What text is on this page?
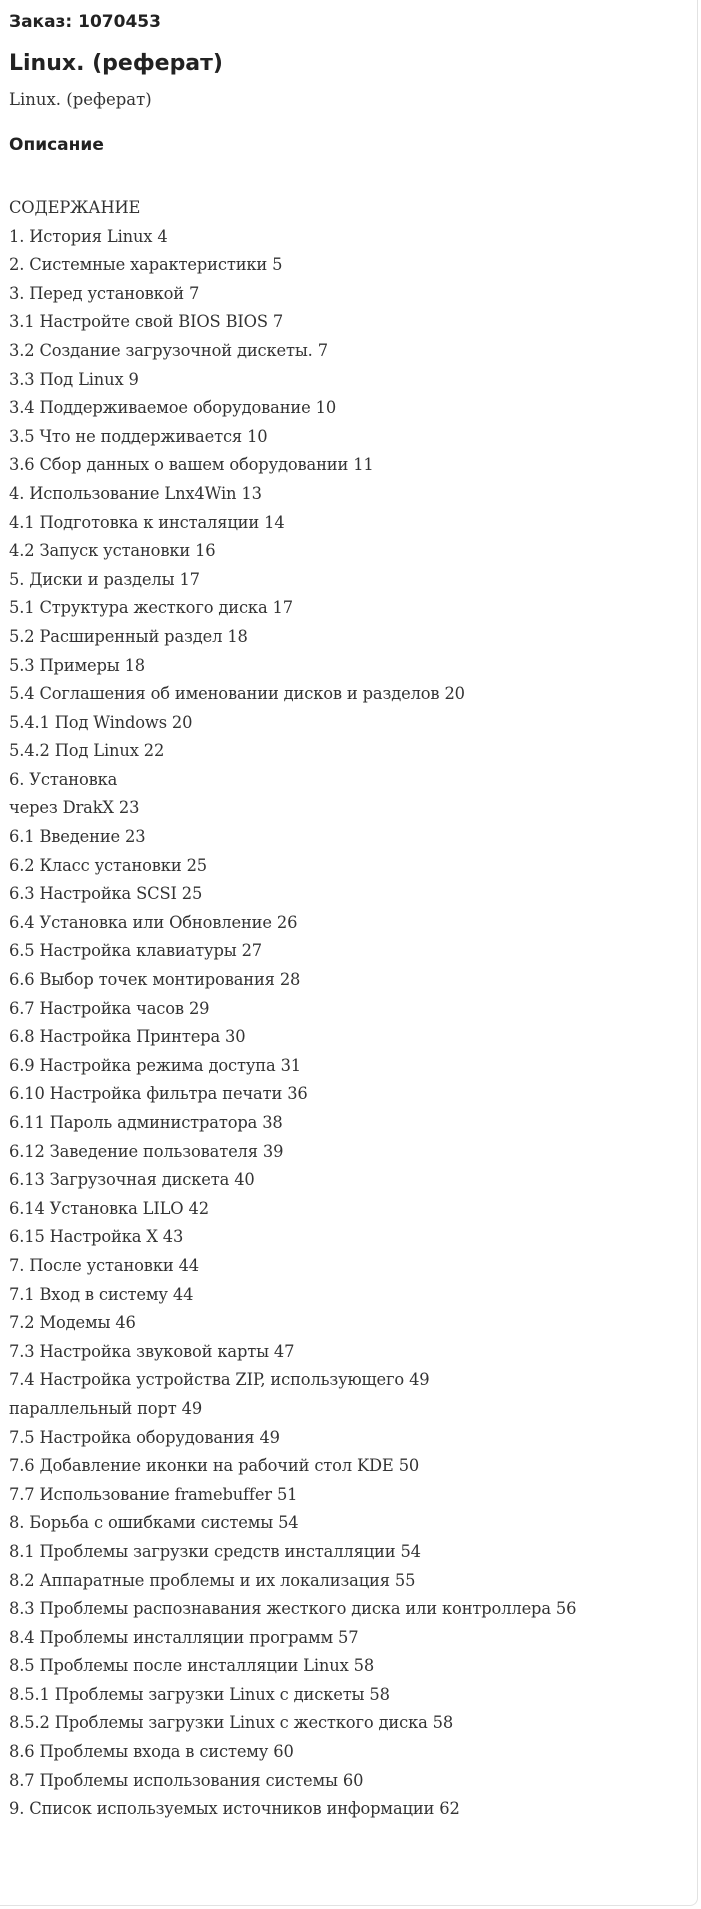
Заказ: 1070453
Linux. (реферат)
Linux. (реферат)
Описание
СОДЕРЖАНИЕ
1. История Linux 4
2. Системные характеристики 5
3. Перед установкой 7
3.1 Настройте свой BIOS BIOS 7
3.2 Создание загрузочной дискеты. 7
3.3 Под Linux 9
3.4 Поддерживаемое оборудование 10
3.5 Что не поддерживается 10
3.6 Сбор данных о вашем оборудовании 11
4. Использование Lnx4Win 13
4.1 Подготовка к инсталяции 14
4.2 Запуск установки 16
5. Диски и разделы 17
5.1 Структура жесткого диска 17
5.2 Расширенный раздел 18
5.3 Примеры 18
5.4 Соглашения об именовании дисков и разделов 20
5.4.1 Под Windows 20
5.4.2 Под Linux 22
6. Установка
через DrakX 23
6.1 Введение 23
6.2 Класс установки 25
6.3 Настройка SCSI 25
6.4 Установка или Обновление 26
6.5 Настройка клавиатуры 27
6.6 Выбор точек монтирования 28
6.7 Настройка часов 29
6.8 Настройка Принтера 30
6.9 Настройка режима доступа 31
6.10 Настройка фильтра печати 36
6.11 Пароль администратора 38
6.12 Заведение пользователя 39
6.13 Загрузочная дискета 40
6.14 Установка LILO 42
6.15 Настройка X 43
7. После установки 44
7.1 Вход в систему 44
7.2 Модемы 46
7.3 Настройка звуковой карты 47
7.4 Настройка устройства ZIP, использующего 49
параллельный порт 49
7.5 Настройка оборудования 49
7.6 Добавление иконки на рабочий стол KDE 50
7.7 Использование framebuffer 51
8. Борьба с ошибками системы 54
8.1 Проблемы загрузки средств инсталляции 54
8.2 Аппаратные проблемы и их локализация 55
8.3 Проблемы распознавания жесткого диска или контроллера 56
8.4 Проблемы инсталляции программ 57
8.5 Проблемы после инсталляции Linux 58
8.5.1 Проблемы загрузки Linux с дискеты 58
8.5.2 Проблемы загрузки Linux с жесткого диска 58
8.6 Проблемы входа в систему 60
8.7 Проблемы использования системы 60
9. Список используемых источников информации 62
